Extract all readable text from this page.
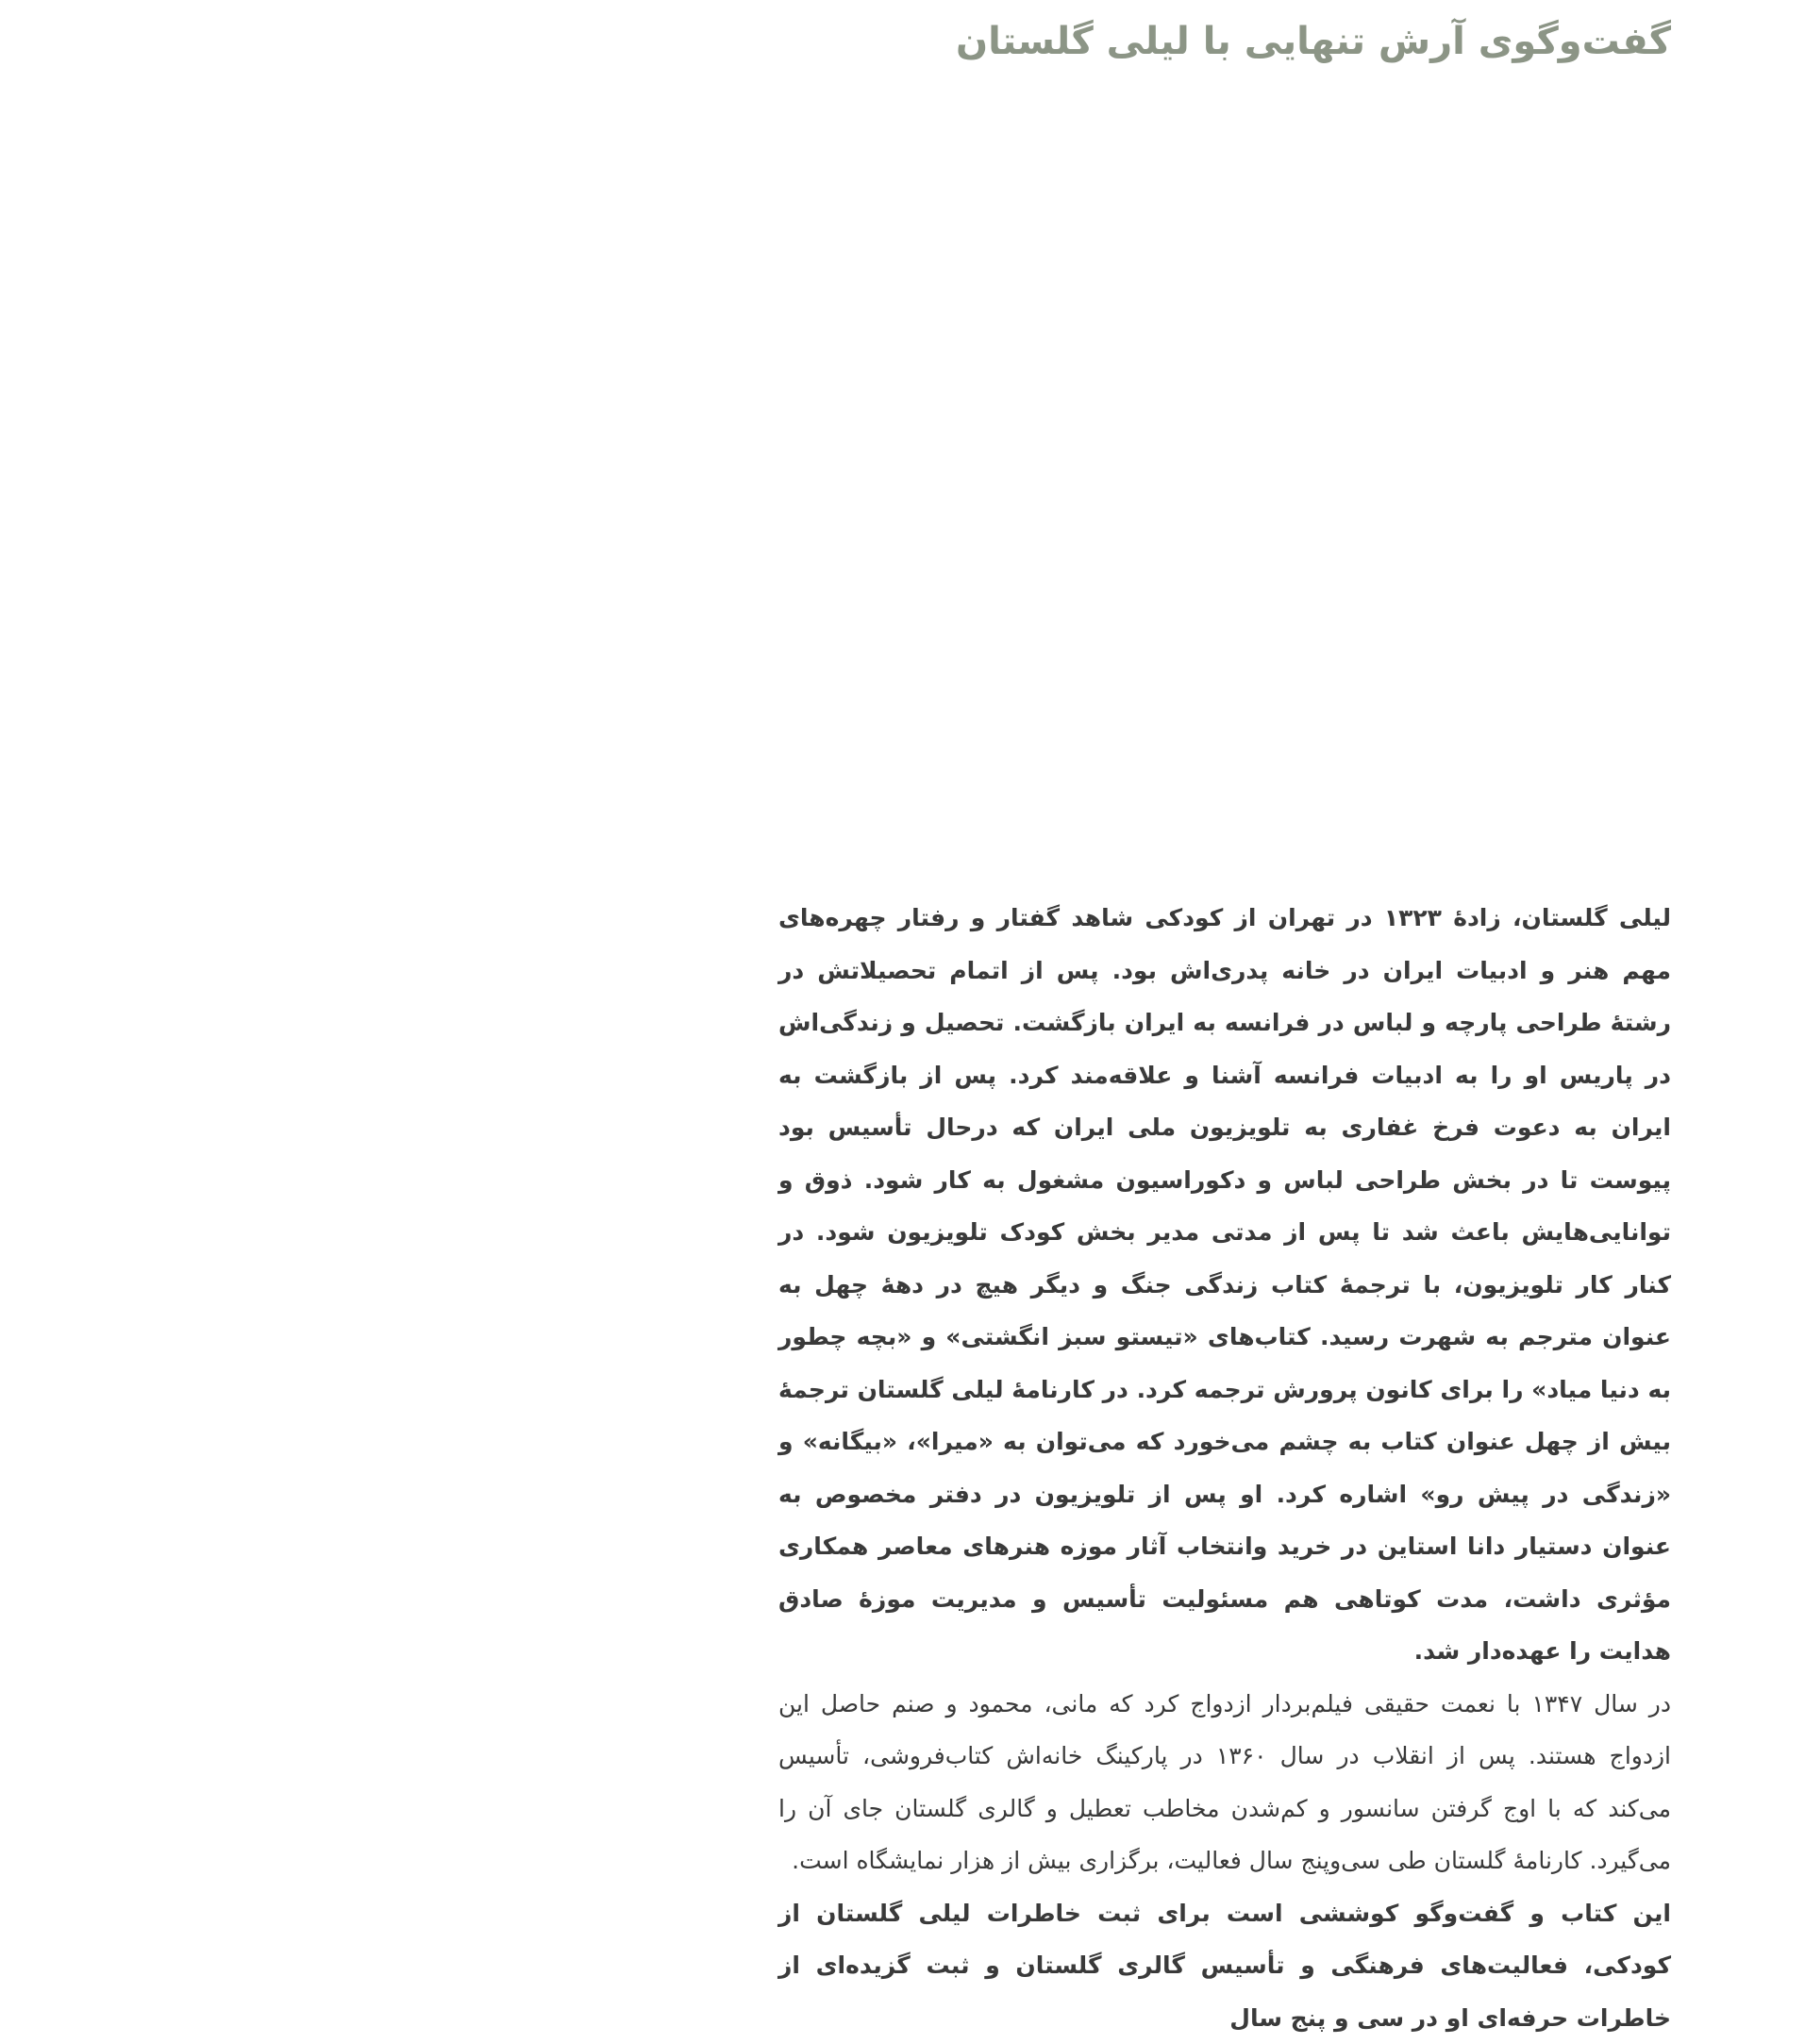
گفت‌وگوی آرش تنهایی با لیلی گلستان

لیلی گلستان، زادهٔ ۱۳۲۳ در تهران از کودکی شاهد گفتار و رفتار چهره‌های مهم هنر و ادبیات ایران در خانه پدری‌اش بود. پس از اتمام تحصیلاتش در رشتهٔ طراحی پارچه و لباس در فرانسه به ایران بازگشت. تحصیل و زندگی‌اش در پاریس او را به ادبیات فرانسه آشنا و علاقه‌مند کرد. پس از بازگشت به ایران به دعوت فرخ غفاری به تلویزیون ملی ایران که درحال تأسیس بود پیوست تا در بخش طراحی لباس و دکوراسیون مشغول به کار شود. ذوق و توانایی‌هایش باعث شد تا پس از مدتی مدیر بخش کودک تلویزیون شود. در کنار کار تلویزیون، با ترجمهٔ کتاب زندگی جنگ و دیگر هیچ در دههٔ چهل به عنوان مترجم به شهرت رسید. کتاب‌های «تیستو سبز انگشتی» و «بچه چطور به دنیا میاد» را برای کانون پرورش ترجمه کرد. در کارنامهٔ لیلی گلستان ترجمهٔ بیش از چهل عنوان کتاب به چشم می‌خورد که می‌توان به «میرا»، «بیگانه» و «زندگی در پیش رو» اشاره کرد. او پس از تلویزیون در دفتر مخصوص به عنوان دستیار دانا استاین در خرید وانتخاب آثار موزه هنرهای معاصر همکاری مؤثری داشت، مدت کوتاهی هم مسئولیت تأسیس و مدیریت موزهٔ صادق هدایت را عهده‌دار شد.

در سال ۱۳۴۷ با نعمت حقیقی فیلم‌بردار ازدواج کرد که مانی، محمود و صنم حاصل این ازدواج هستند. پس از انقلاب در سال ۱۳۶۰ در پارکینگ خانه‌اش کتاب‌فروشی، تأسیس می‌کند که با اوج گرفتن سانسور و کم‌شدن مخاطب تعطیل و گالری گلستان جای آن را می‌گیرد. کارنامهٔ گلستان طی سی‌وپنج سال فعالیت، برگزاری بیش از هزار نمایشگاه است.

این کتاب و گفت‌وگو کوششی است برای ثبت خاطرات لیلی گلستان از کودکی، فعالیت‌های فرهنگی و تأسیس گالری گلستان و ثبت گزیده‌ای از خاطرات حرفه‌ای او در سی و پنج سال
